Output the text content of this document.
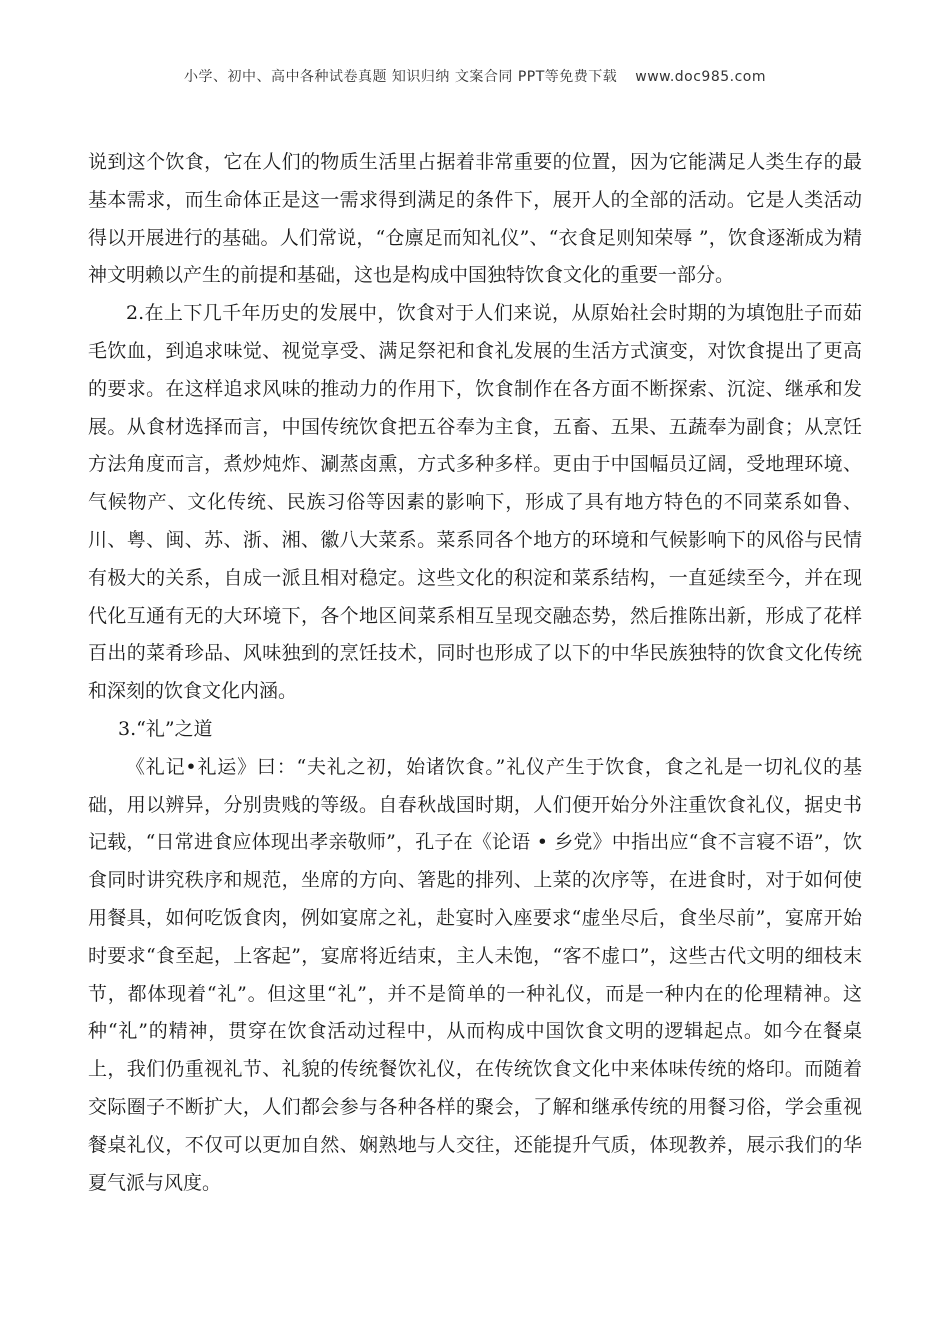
小学、初中、高中各种试卷真题 知识归纳 文案合同 PPT等免费下载 www.doc985.com

说到这个饮食，它在人们的物质生活里占据着非常重要的位置，因为它能满足人类生存的最基本需求，而生命体正是这一需求得到满足的条件下，展开人的全部的活动。它是人类活动得以开展进行的基础。人们常说，“仓廪足而知礼仪”、“衣食足则知荣辱 ”，饮食逐渐成为精神文明赖以产生的前提和基础，这也是构成中国独特饮食文化的重要一部分。

2.在上下几千年历史的发展中，饮食对于人们来说，从原始社会时期的为填饱肚子而茹毛饮血，到追求味觉、视觉享受、满足祭祀和食礼发展的生活方式演变，对饮食提出了更高的要求。在这样追求风味的推动力的作用下，饮食制作在各方面不断探索、沉淀、继承和发展。从食材选择而言，中国传统饮食把五谷奉为主食，五畜、五果、五蔬奉为副食；从烹饪方法角度而言，煮炒炖炸、涮蒸卤熏，方式多种多样。更由于中国幅员辽阔，受地理环境、气候物产、文化传统、民族习俗等因素的影响下，形成了具有地方特色的不同菜系如鲁、川、粤、闽、苏、浙、湘、徽八大菜系。菜系同各个地方的环境和气候影响下的风俗与民情有极大的关系，自成一派且相对稳定。这些文化的积淀和菜系结构，一直延续至今，并在现代化互通有无的大环境下，各个地区间菜系相互呈现交融态势，然后推陈出新，形成了花样百出的菜肴珍品、风味独到的烹饪技术，同时也形成了以下的中华民族独特的饮食文化传统和深刻的饮食文化内涵。

3.“礼”之道

《礼记•礼运》曰：“夫礼之初，始诸饮食。”礼仪产生于饮食，食之礼是一切礼仪的基础，用以辨异，分别贵贱的等级。自春秋战国时期，人们便开始分外注重饮食礼仪，据史书记载，“日常进食应体现出孝亲敬师”，孔子在《论语 • 乡党》中指出应“食不言寝不语”，饮食同时讲究秩序和规范，坐席的方向、箸匙的排列、上菜的次序等，在进食时，对于如何使用餐具，如何吃饭食肉，例如宴席之礼，赴宴时入座要求“虚坐尽后，食坐尽前”，宴席开始时要求“食至起，上客起”，宴席将近结束，主人未饱，“客不虚口”，这些古代文明的细枝末节，都体现着“礼”。但这里“礼”，并不是简单的一种礼仪，而是一种内在的伦理精神。这种“礼”的精神，贯穿在饮食活动过程中，从而构成中国饮食文明的逻辑起点。如今在餐桌上，我们仍重视礼节、礼貌的传统餐饮礼仪，在传统饮食文化中来体味传统的烙印。而随着交际圈子不断扩大，人们都会参与各种各样的聚会，了解和继承传统的用餐习俗，学会重视餐桌礼仪，不仅可以更加自然、娴熟地与人交往，还能提升气质，体现教养，展示我们的华夏气派与风度。
